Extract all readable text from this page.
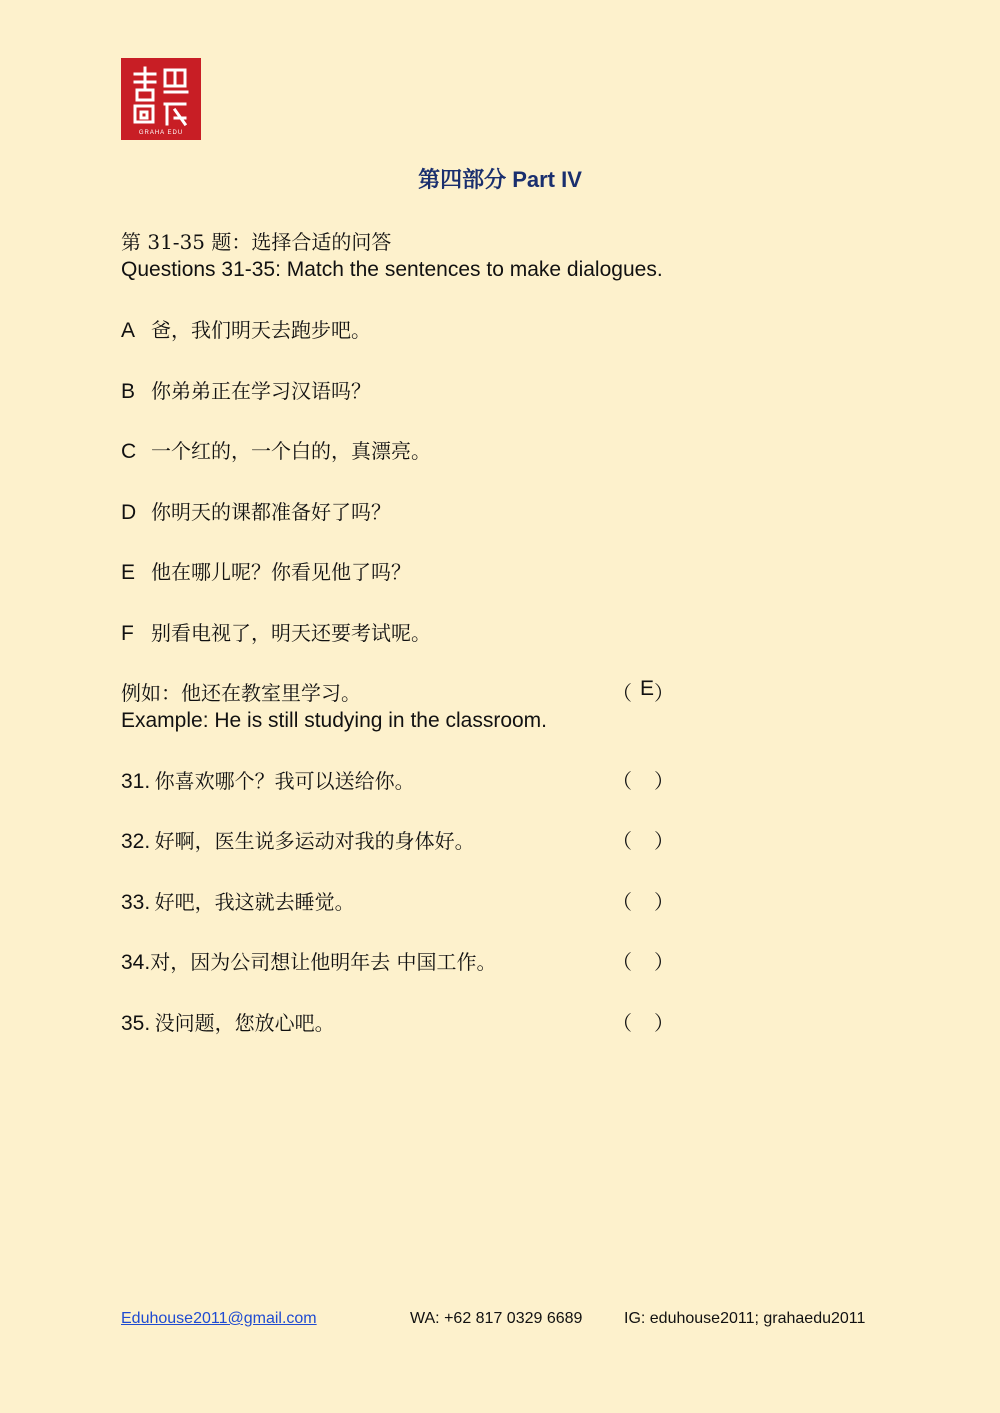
GRAHA EDU
第四部分 Part IV
第 31-35 题：选择合适的问答
Questions 31-35: Match the sentences to make dialogues.
A 爸，我们明天去跑步吧。
B 你弟弟正在学习汉语吗？
C 一个红的，一个白的，真漂亮。
D 你明天的课都准备好了吗？
E 他在哪儿呢？你看见他了吗？
F 别看电视了，明天还要考试呢。
例如：他还在教室里学习。	（ E ）
Example: He is still studying in the classroom.
31. 你喜欢哪个？我可以送给你。	（ ）
32. 好啊，医生说多运动对我的身体好。	（ ）
33. 好吧，我这就去睡觉。	（ ）
34.对，因为公司想让他明年去 中国工作。	（ ）
35. 没问题，您放心吧。	（ ）
Eduhouse2011@gmail.com	WA: +62 817 0329 6689	IG: eduhouse2011; grahaedu2011
